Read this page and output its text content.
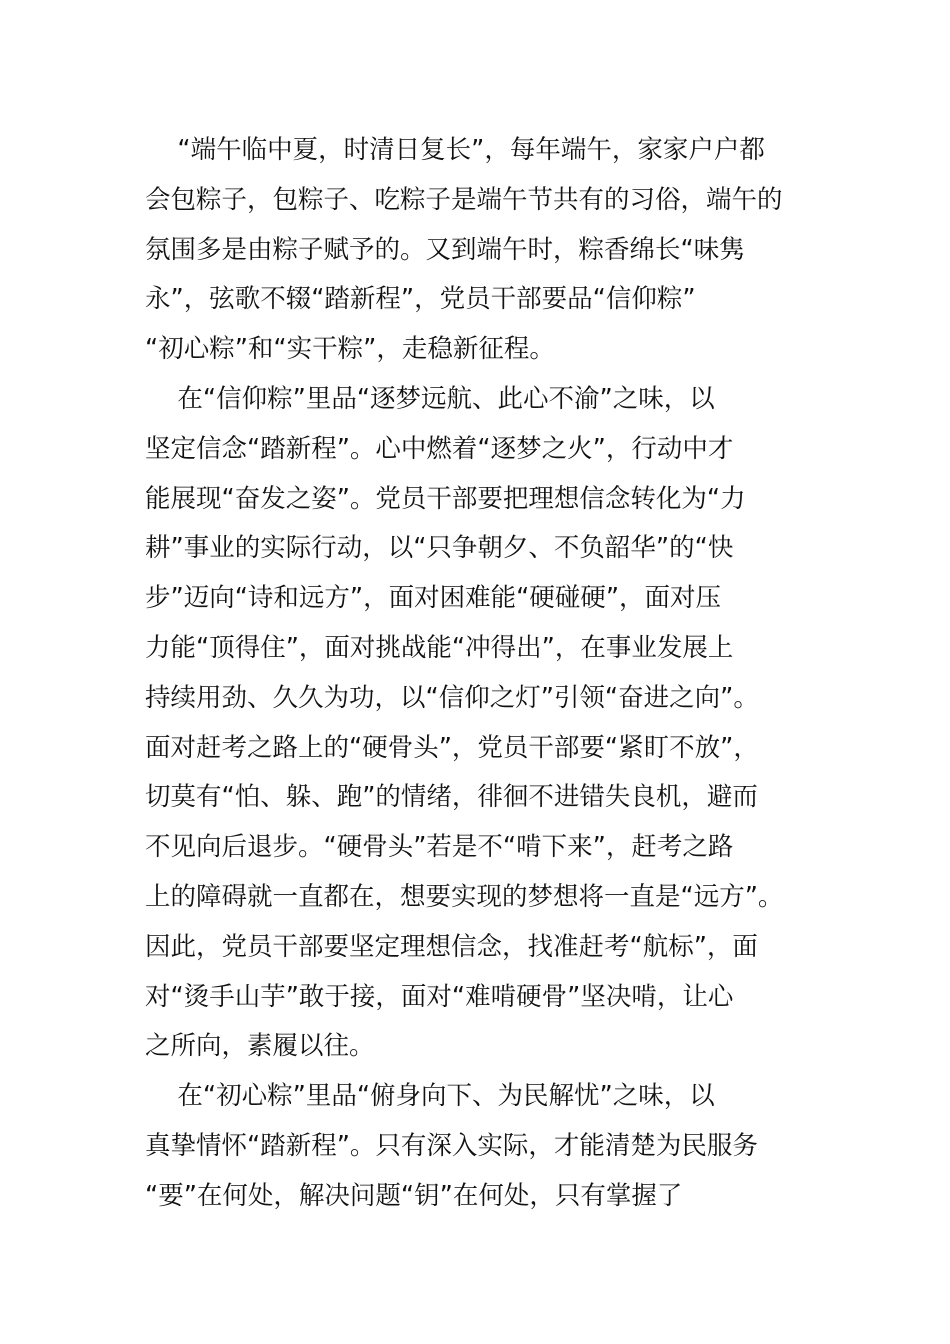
“端午临中夏，时清日复长”，每年端午，家家户户都
会包粽子，包粽子、吃粽子是端午节共有的习俗，端午的
氛围多是由粽子赋予的。又到端午时，粽香绵长“味隽
永”，弦歌不辍“踏新程”，党员干部要品“信仰粽”
“初心粽”和“实干粽”，走稳新征程。
在“信仰粽”里品“逐梦远航、此心不渝”之味，以
坚定信念“踏新程”。心中燃着“逐梦之火”，行动中才
能展现“奋发之姿”。党员干部要把理想信念转化为“力
耕”事业的实际行动，以“只争朝夕、不负韶华”的“快
步”迈向“诗和远方”，面对困难能“硬碰硬”，面对压
力能“顶得住”，面对挑战能“冲得出”，在事业发展上
持续用劲、久久为功，以“信仰之灯”引领“奋进之向”。
面对赶考之路上的“硬骨头”，党员干部要“紧盯不放”，
切莫有“怕、躲、跑”的情绪，徘徊不进错失良机，避而
不见向后退步。“硬骨头”若是不“啃下来”，赶考之路
上的障碍就一直都在，想要实现的梦想将一直是“远方”。
因此，党员干部要坚定理想信念，找准赶考“航标”，面
对“烫手山芋”敢于接，面对“难啃硬骨”坚决啃，让心
之所向，素履以往。
在“初心粽”里品“俯身向下、为民解忧”之味，以
真挚情怀“踏新程”。只有深入实际，才能清楚为民服务
“要”在何处，解决问题“钥”在何处，只有掌握了
